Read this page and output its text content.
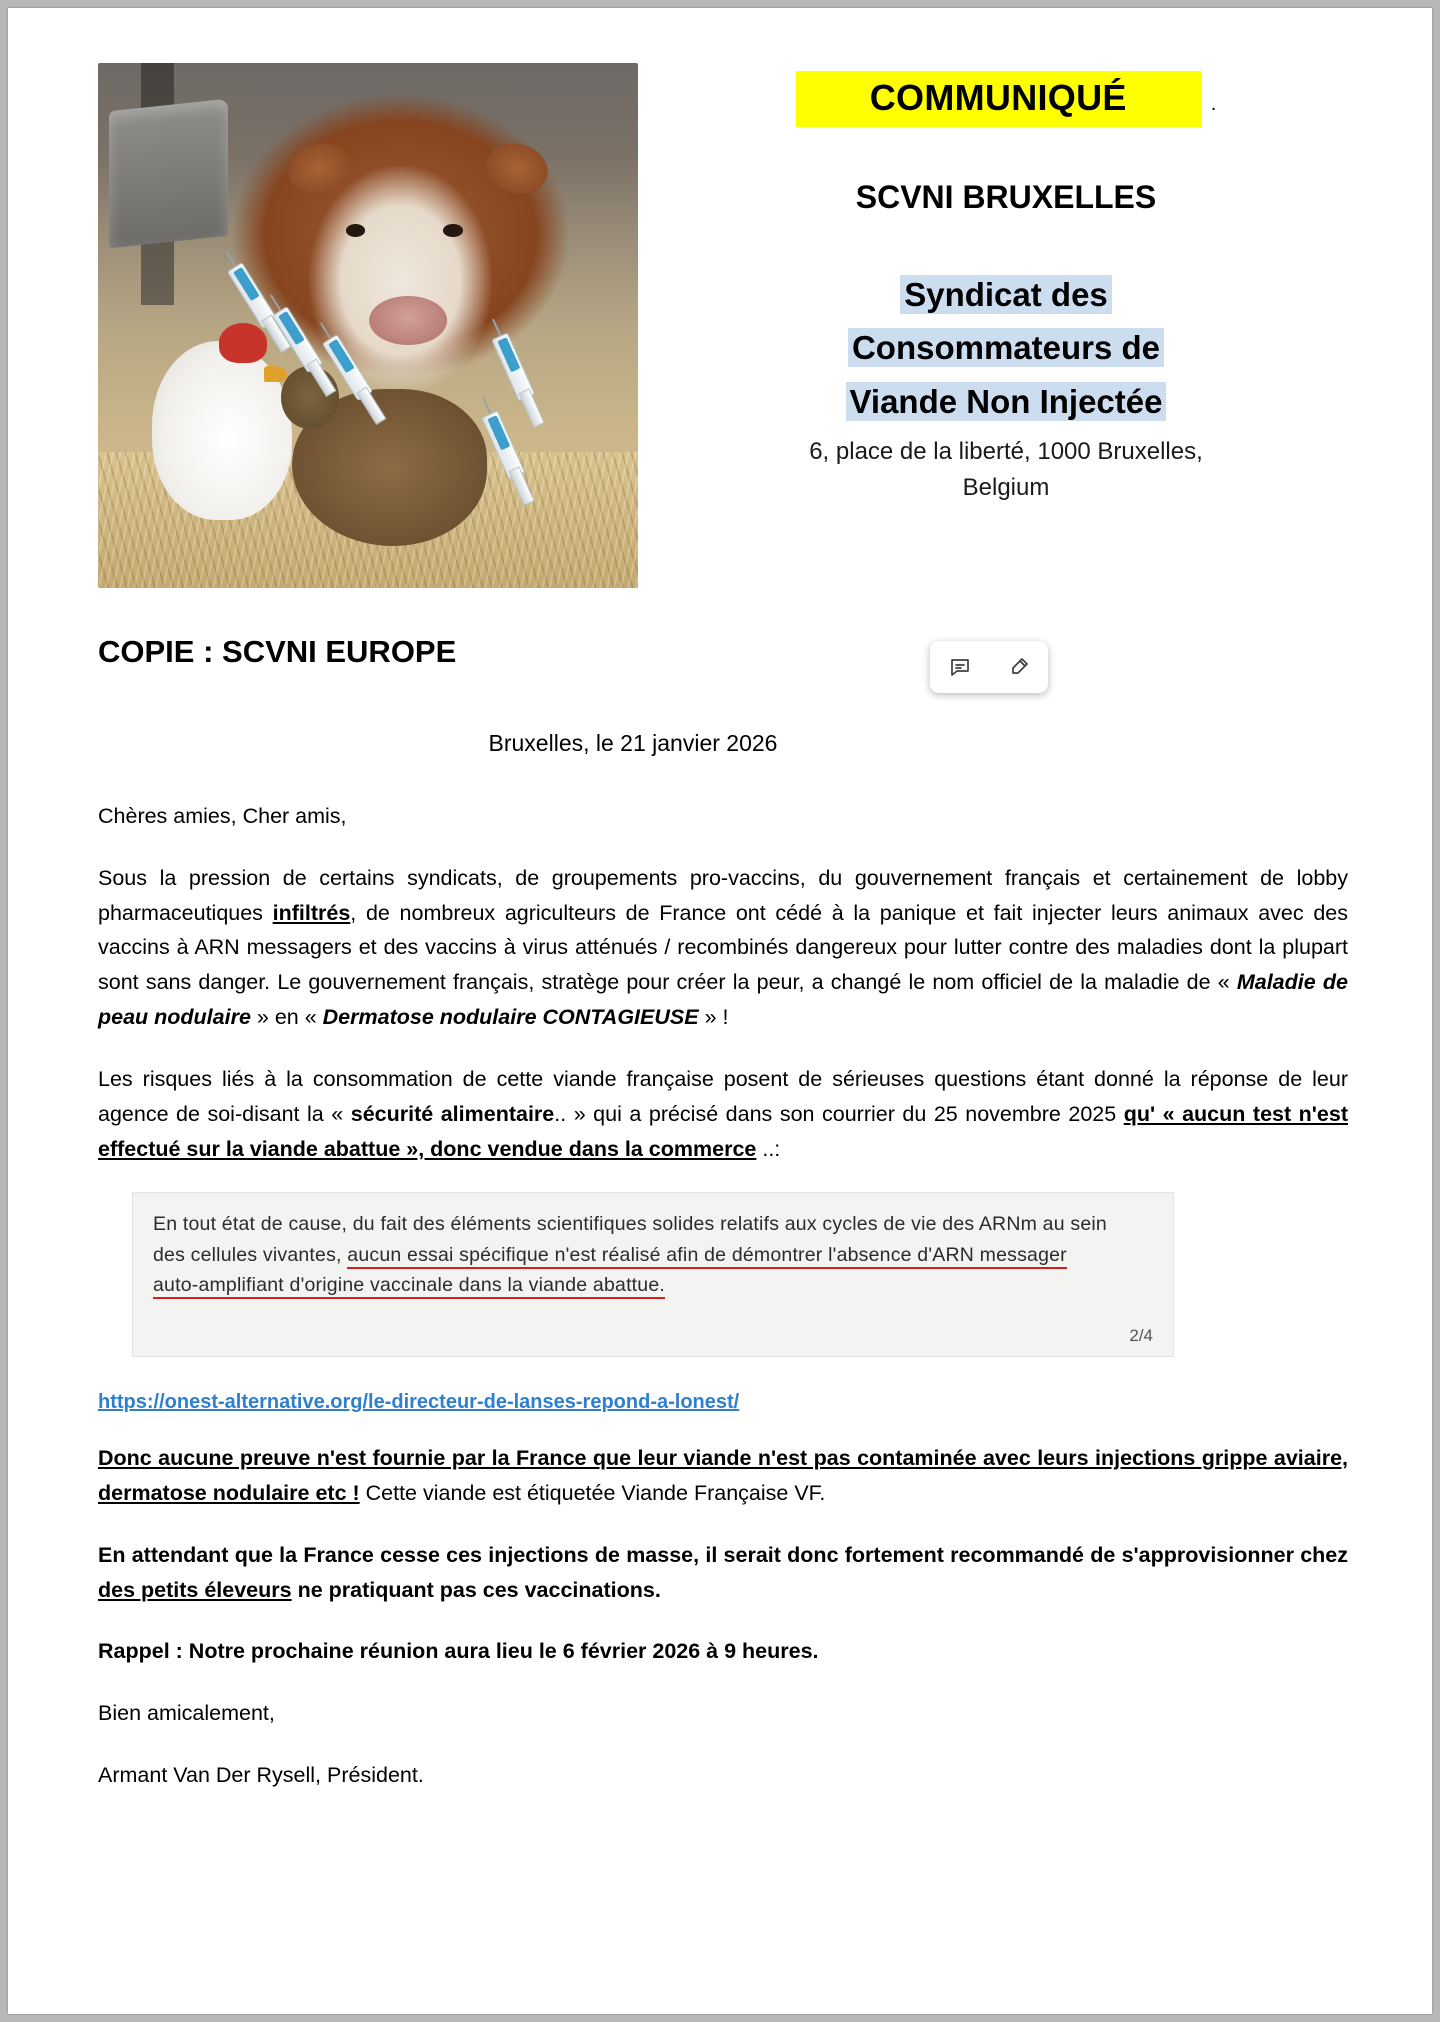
COMMUNIQUÉ	.
SCVNI BRUXELLES
Syndicat des
Consommateurs de
Viande Non Injectée
6, place de la liberté, 1000 Bruxelles,
Belgium
COPIE : SCVNI EUROPE
Bruxelles, le 21 janvier 2026

Chères amies, Cher amis,

Sous la pression de certains syndicats, de groupements pro-vaccins, du gouvernement français et certainement de lobby pharmaceutiques infiltrés, de nombreux agriculteurs de France ont cédé à la panique et fait injecter leurs animaux avec des vaccins à ARN messagers et des vaccins à virus atténués / recombinés dangereux pour lutter contre des maladies dont la plupart sont sans danger. Le gouvernement français, stratège pour créer la peur, a changé le nom officiel de la maladie de « Maladie de peau nodulaire » en « Dermatose nodulaire CONTAGIEUSE » !

Les risques liés à la consommation de cette viande française posent de sérieuses questions étant donné la réponse de leur agence de soi-disant la « sécurité alimentaire.. » qui a précisé dans son courrier du 25 novembre 2025 qu' « aucun test n'est effectué sur la viande abattue », donc vendue dans la commerce ..:

En tout état de cause, du fait des éléments scientifiques solides relatifs aux cycles de vie des ARNm au sein
des cellules vivantes, aucun essai spécifique n'est réalisé afin de démontrer l'absence d'ARN messager
auto-amplifiant d'origine vaccinale dans la viande abattue.
2/4
https://onest-alternative.org/le-directeur-de-lanses-repond-a-lonest/

Donc aucune preuve n'est fournie par la France que leur viande n'est pas contaminée avec leurs injections grippe aviaire, dermatose nodulaire etc ! Cette viande est étiquetée Viande Française VF.

En attendant que la France cesse ces injections de masse, il serait donc fortement recommandé de s'approvisionner chez des petits éleveurs ne pratiquant pas ces vaccinations.

Rappel : Notre prochaine réunion aura lieu le 6 février 2026 à 9 heures.

Bien amicalement,

Armant Van Der Rysell, Président.
